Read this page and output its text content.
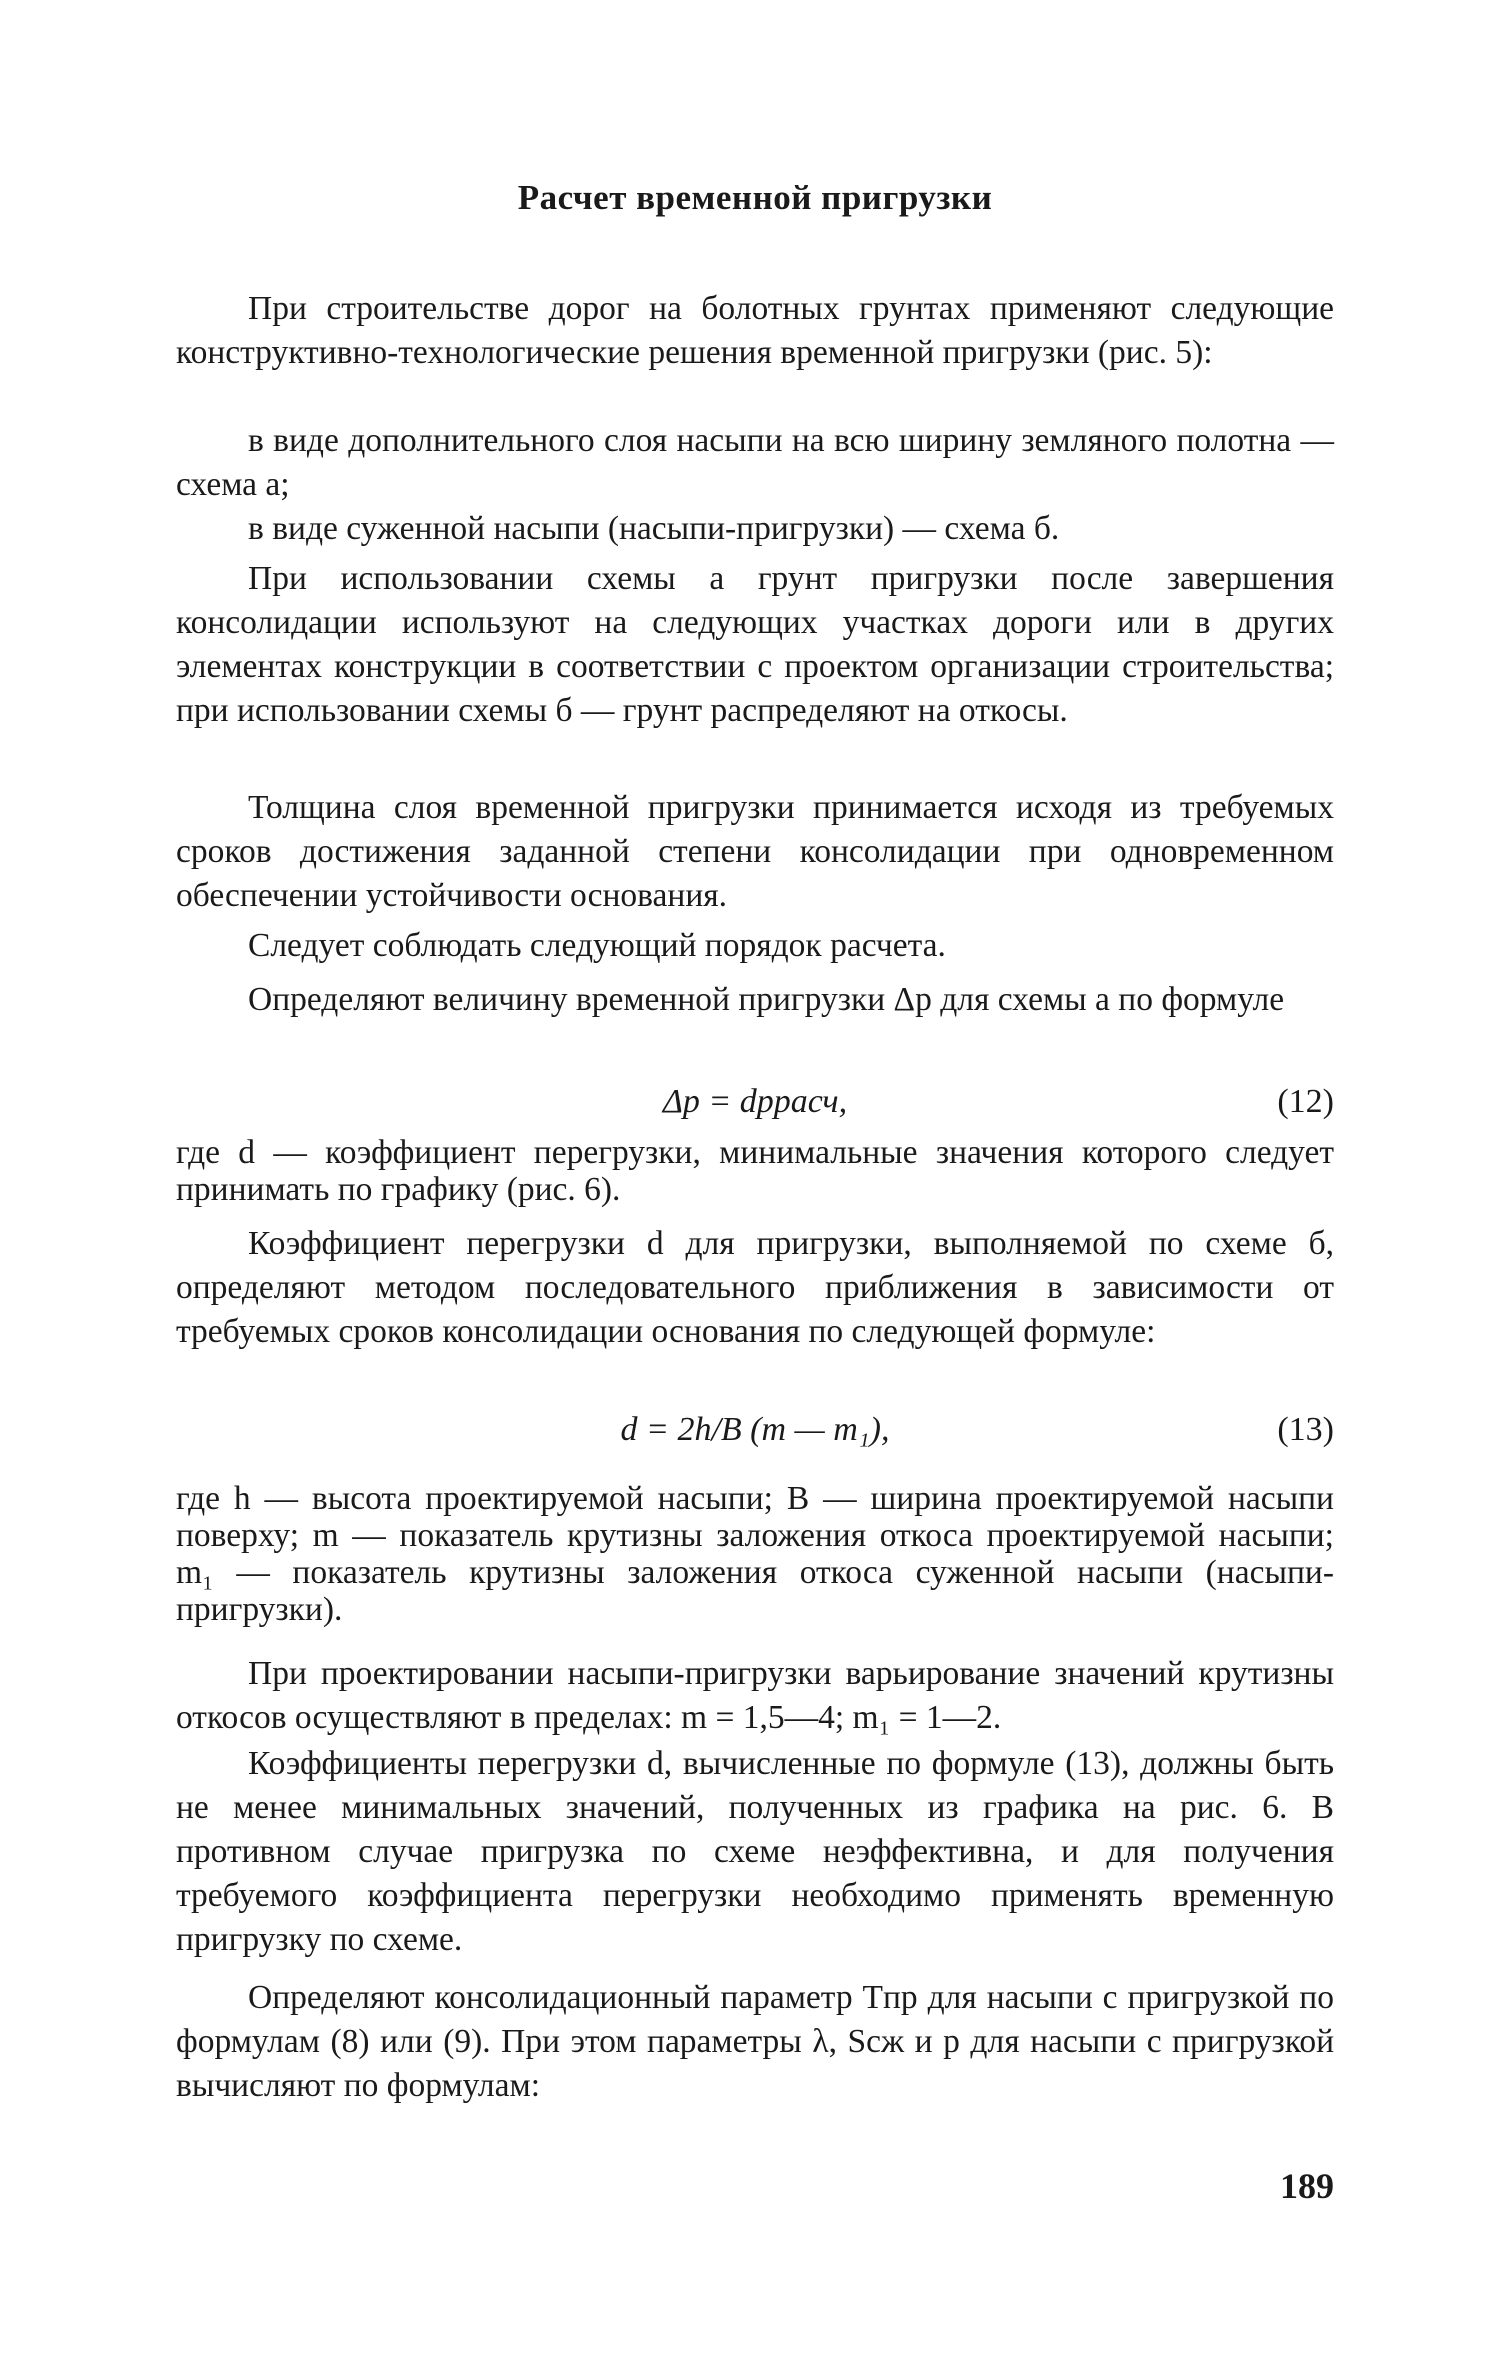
Расчет временной пригрузки

При строительстве дорог на болотных грунтах применяют следующие конструктивно-технологические решения временной пригрузки (рис. 5):

в виде дополнительного слоя насыпи на всю ширину земляного полотна — схема а;

в виде суженной насыпи (насыпи-пригрузки) — схема б.

При использовании схемы а грунт пригрузки после завершения консолидации используют на следующих участках дороги или в других элементах конструкции в соответствии с проектом организации строительства; при использовании схемы б — грунт распределяют на откосы.

Толщина слоя временной пригрузки принимается исходя из требуемых сроков достижения заданной степени консолидации при одновременном обеспечении устойчивости основания.

Следует соблюдать следующий порядок расчета.

Определяют величину временной пригрузки Δp для схемы а по формуле

Δp = dpрасч,	(12)

где d — коэффициент перегрузки, минимальные значения которого следует принимать по графику (рис. 6).

Коэффициент перегрузки d для пригрузки, выполняемой по схеме б, определяют методом последовательного приближения в зависимости от требуемых сроков консолидации основания по следующей формуле:

d = 2h/B (m — m₁),	(13)

где h — высота проектируемой насыпи; B — ширина проектируемой насыпи поверху; m — показатель крутизны заложения откоса проектируемой насыпи; m₁ — показатель крутизны заложения откоса суженной насыпи (насыпи-пригрузки).

При проектировании насыпи-пригрузки варьирование значений крутизны откосов осуществляют в пределах: m = 1,5—4; m₁ = 1—2.

Коэффициенты перегрузки d, вычисленные по формуле (13), должны быть не менее минимальных значений, полученных из графика на рис. 6. В противном случае пригрузка по схеме неэффективна, и для получения требуемого коэффициента перегрузки необходимо применять временную пригрузку по схеме.

Определяют консолидационный параметр Tпр для насыпи с пригрузкой по формулам (8) или (9). При этом параметры λ, Sсж и p для насыпи с пригрузкой вычисляют по формулам:

189
